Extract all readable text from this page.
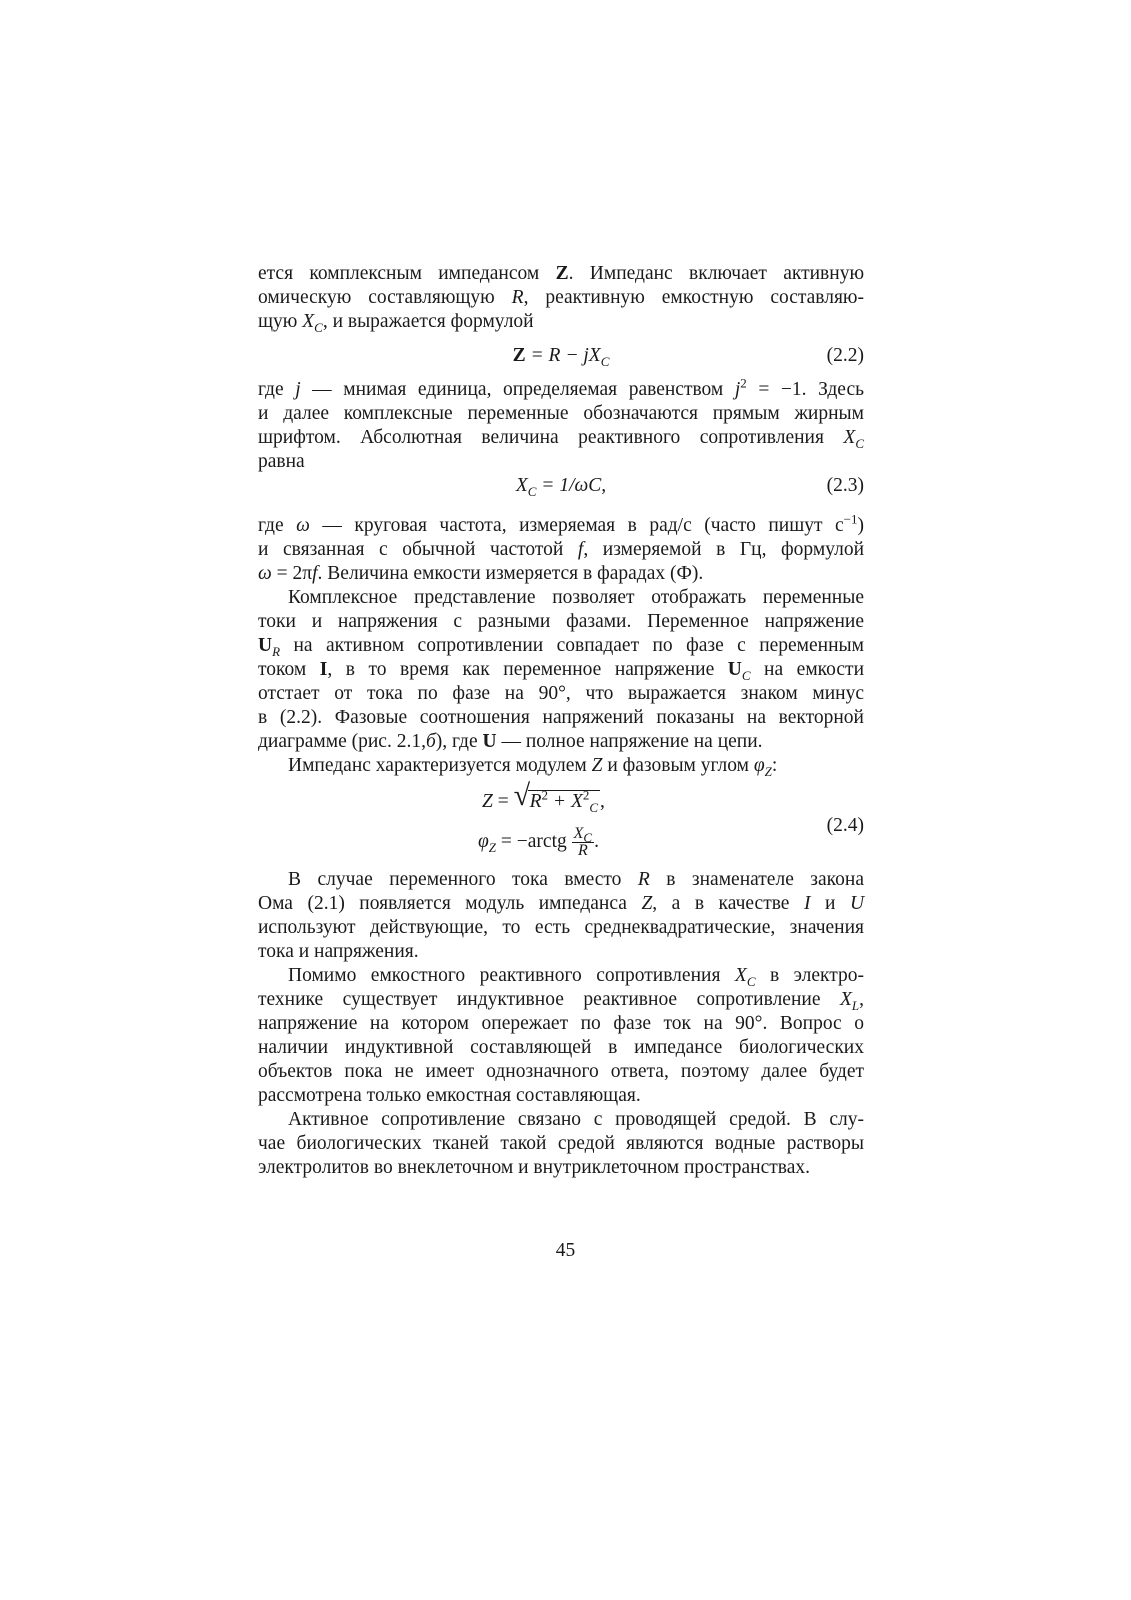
ется комплексным импедансом Z. Импеданс включает активную
омическую составляющую R, реактивную емкостную составляю-
щую $X_C$, и выражается формулой

$Z = R - jX_C$	(2.2)

где j — мнимая единица, определяемая равенством $j^2 = -1$. Здесь
и далее комплексные переменные обозначаются прямым жирным
шрифтом. Абсолютная величина реактивного сопротивления $X_C$
равна

$X_C = 1/\omega C$,	(2.3)

где ω — круговая частота, измеряемая в рад/с (часто пишут $с^{-1}$)
и связанная с обычной частотой f, измеряемой в Гц, формулой
ω = 2πf. Величина емкости измеряется в фарадах (Ф).

Комплексное представление позволяет отображать переменные
токи и напряжения с разными фазами. Переменное напряжение
$U_R$ на активном сопротивлении совпадает по фазе с переменным
током I, в то время как переменное напряжение $U_C$ на емкости
отстает от тока по фазе на 90°, что выражается знаком минус
в (2.2). Фазовые соотношения напряжений показаны на векторной
диаграмме (рис. 2.1,б), где U — полное напряжение на цепи.

Импеданс характеризуется модулем Z и фазовым углом $\varphi_Z$:

Z = √ $R^2 + X^2_C$ ,
$\varphi_Z$ = −arctg $\frac{X_C}{R}$ .
(2.4)

В случае переменного тока вместо R в знаменателе закона
Ома (2.1) появляется модуль импеданса Z, а в качестве I и U
используют действующие, то есть среднеквадратические, значения
тока и напряжения.

Помимо емкостного реактивного сопротивления $X_C$ в электро-
технике существует индуктивное реактивное сопротивление $X_L$,
напряжение на котором опережает по фазе ток на 90°. Вопрос о
наличии индуктивной составляющей в импедансе биологических
объектов пока не имеет однозначного ответа, поэтому далее будет
рассмотрена только емкостная составляющая.

Активное сопротивление связано с проводящей средой. В слу-
чае биологических тканей такой средой являются водные растворы
электролитов во внеклеточном и внутриклеточном пространствах.

45
